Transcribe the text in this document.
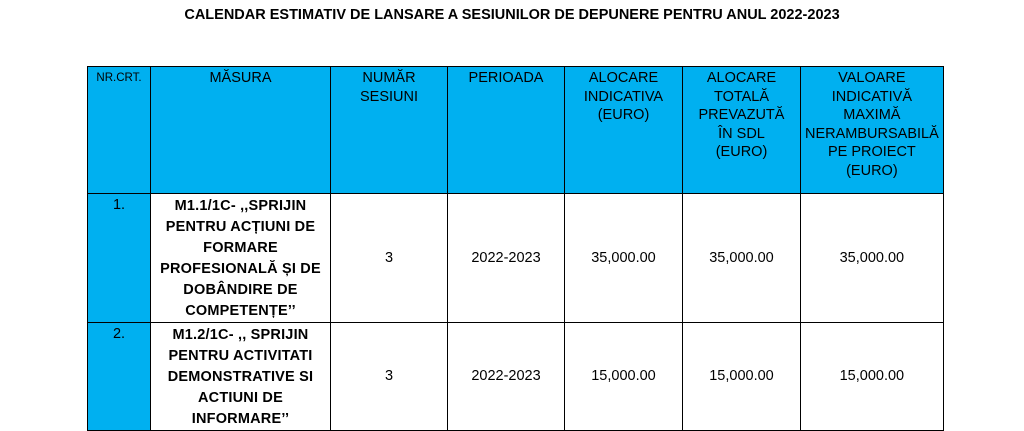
CALENDAR ESTIMATIV DE LANSARE A SESIUNILOR DE DEPUNERE PENTRU ANUL 2022-2023
NR.CRT.	MĂSURA	NUMĂR SESIUNI	PERIOADA	ALOCARE INDICATIVA (EURO)	ALOCARE TOTALĂ PREVAZUTĂ ÎN SDL (EURO)	VALOARE INDICATIVĂ MAXIMĂ NERAMBURSABILĂ PE PROIECT (EURO)
1.	M1.1/1C- ,,SPRIJIN PENTRU ACȚIUNI DE FORMARE PROFESIONALĂ ȘI DE DOBÂNDIRE DE COMPETENȚE’’	3	2022-2023	35,000.00	35,000.00	35,000.00
2.	M1.2/1C- ,, SPRIJIN PENTRU ACTIVITATI DEMONSTRATIVE SI ACTIUNI DE INFORMARE’’	3	2022-2023	15,000.00	15,000.00	15,000.00
